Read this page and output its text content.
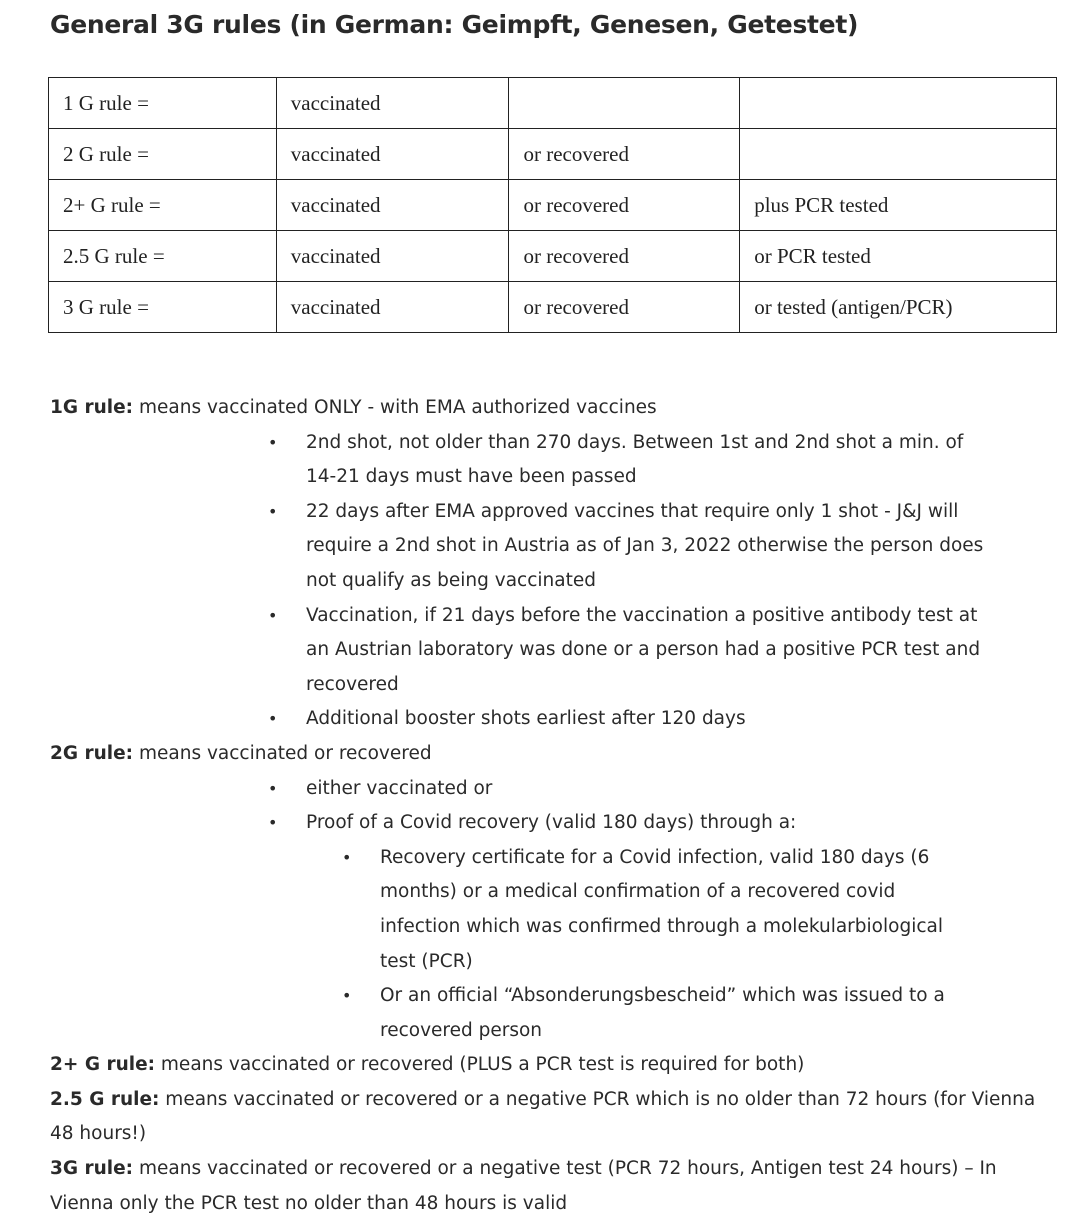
General 3G rules (in German: Geimpft, Genesen, Getestet)
1 G rule =	vaccinated		
2 G rule =	vaccinated	or recovered	
2+ G rule =	vaccinated	or recovered	plus PCR tested
2.5 G rule =	vaccinated	or recovered	or PCR tested
3 G rule =	vaccinated	or recovered	or tested (antigen/PCR)
1G rule: means vaccinated ONLY - with EMA authorized vaccines
• 2nd shot, not older than 270 days. Between 1st and 2nd shot a min. of 14-21 days must have been passed
• 22 days after EMA approved vaccines that require only 1 shot - J&J will require a 2nd shot in Austria as of Jan 3, 2022 otherwise the person does not qualify as being vaccinated
• Vaccination, if 21 days before the vaccination a positive antibody test at an Austrian laboratory was done or a person had a positive PCR test and recovered
• Additional booster shots earliest after 120 days
2G rule: means vaccinated or recovered
• either vaccinated or
• Proof of a Covid recovery (valid 180 days) through a:
• Recovery certificate for a Covid infection, valid 180 days (6 months) or a medical confirmation of a recovered covid infection which was confirmed through a molekularbiological test (PCR)
• Or an official “Absonderungsbescheid” which was issued to a recovered person
2+ G rule: means vaccinated or recovered (PLUS a PCR test is required for both)
2.5 G rule: means vaccinated or recovered or a negative PCR which is no older than 72 hours (for Vienna 48 hours!)
3G rule: means vaccinated or recovered or a negative test (PCR 72 hours, Antigen test 24 hours) – In Vienna only the PCR test no older than 48 hours is valid
